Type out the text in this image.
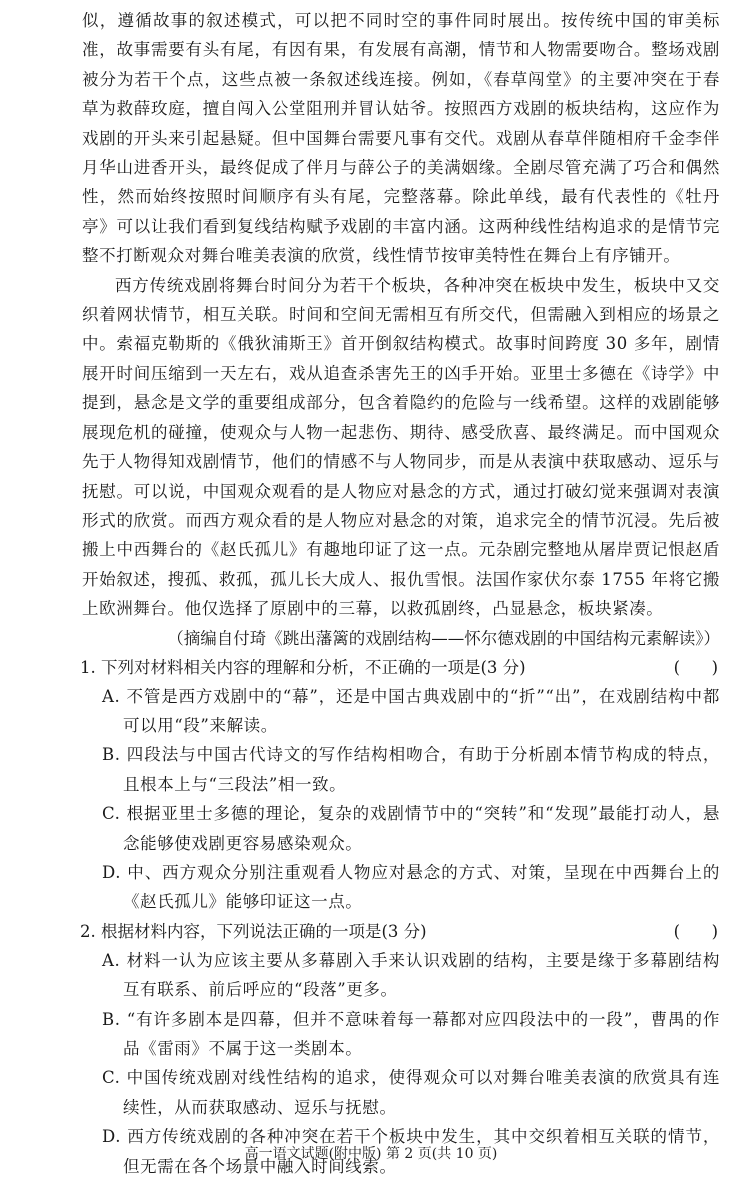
似，遵循故事的叙述模式，可以把不同时空的事件同时展出。按传统中国的审美标准，故事需要有头有尾，有因有果，有发展有高潮，情节和人物需要吻合。整场戏剧被分为若干个点，这些点被一条叙述线连接。例如，《春草闯堂》的主要冲突在于春草为救薛玫庭，擅自闯入公堂阻刑并冒认姑爷。按照西方戏剧的板块结构，这应作为戏剧的开头来引起悬疑。但中国舞台需要凡事有交代。戏剧从春草伴随相府千金李伴月华山进香开头，最终促成了伴月与薛公子的美满姻缘。全剧尽管充满了巧合和偶然性，然而始终按照时间顺序有头有尾，完整落幕。除此单线，最有代表性的《牡丹亭》可以让我们看到复线结构赋予戏剧的丰富内涵。这两种线性结构追求的是情节完整不打断观众对舞台唯美表演的欣赏，线性情节按审美特性在舞台上有序铺开。

西方传统戏剧将舞台时间分为若干个板块，各种冲突在板块中发生，板块中又交织着网状情节，相互关联。时间和空间无需相互有所交代，但需融入到相应的场景之中。索福克勒斯的《俄狄浦斯王》首开倒叙结构模式。故事时间跨度 30 多年，剧情展开时间压缩到一天左右，戏从追查杀害先王的凶手开始。亚里士多德在《诗学》中提到，悬念是文学的重要组成部分，包含着隐约的危险与一线希望。这样的戏剧能够展现危机的碰撞，使观众与人物一起悲伤、期待、感受欣喜、最终满足。而中国观众先于人物得知戏剧情节，他们的情感不与人物同步，而是从表演中获取感动、逗乐与抚慰。可以说，中国观众观看的是人物应对悬念的方式，通过打破幻觉来强调对表演形式的欣赏。而西方观众看的是人物应对悬念的对策，追求完全的情节沉浸。先后被搬上中西舞台的《赵氏孤儿》有趣地印证了这一点。元杂剧完整地从屠岸贾记恨赵盾开始叙述，搜孤、救孤，孤儿长大成人、报仇雪恨。法国作家伏尔泰 1755 年将它搬上欧洲舞台。他仅选择了原剧中的三幕，以救孤剧终，凸显悬念，板块紧凑。

（摘编自付琦《跳出藩篱的戏剧结构——怀尔德戏剧的中国结构元素解读》）

1. 下列对材料相关内容的理解和分析，不正确的一项是(3 分)	(      )

A. 不管是西方戏剧中的“幕”，还是中国古典戏剧中的“折”“出”，在戏剧结构中都可以用“段”来解读。

B. 四段法与中国古代诗文的写作结构相吻合，有助于分析剧本情节构成的特点，且根本上与“三段法”相一致。

C. 根据亚里士多德的理论，复杂的戏剧情节中的“突转”和“发现”最能打动人，悬念能够使戏剧更容易感染观众。

D. 中、西方观众分别注重观看人物应对悬念的方式、对策，呈现在中西舞台上的《赵氏孤儿》能够印证这一点。

2. 根据材料内容，下列说法正确的一项是(3 分)	(      )

A. 材料一认为应该主要从多幕剧入手来认识戏剧的结构，主要是缘于多幕剧结构互有联系、前后呼应的“段落”更多。

B. “有许多剧本是四幕，但并不意味着每一幕都对应四段法中的一段”，曹禺的作品《雷雨》不属于这一类剧本。

C. 中国传统戏剧对线性结构的追求，使得观众可以对舞台唯美表演的欣赏具有连续性，从而获取感动、逗乐与抚慰。

D. 西方传统戏剧的各种冲突在若干个板块中发生，其中交织着相互关联的情节，但无需在各个场景中融入时间线索。

高一语文试题(附中版) 第 2 页(共 10 页)
